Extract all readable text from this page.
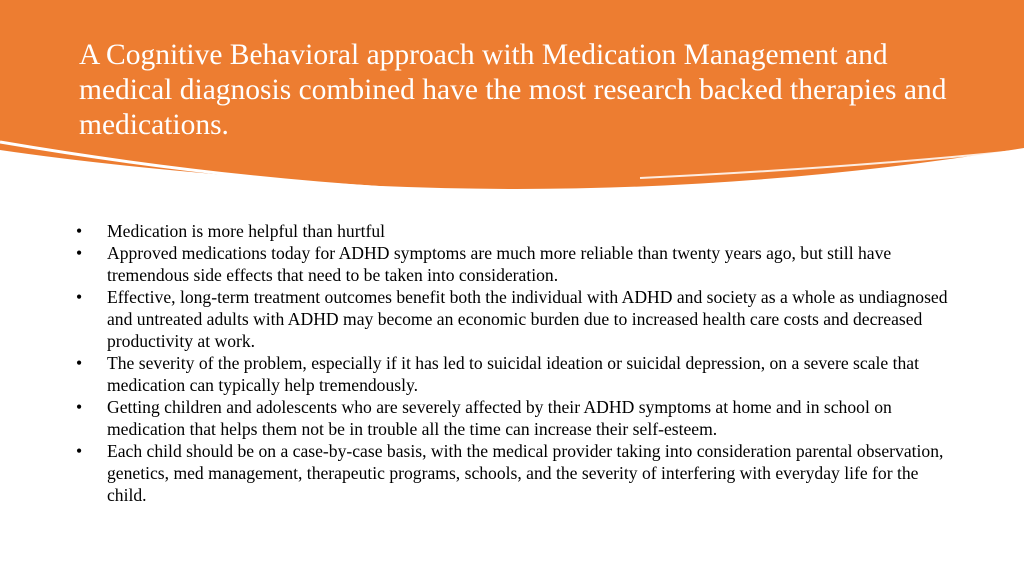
A Cognitive Behavioral approach with Medication Management and medical diagnosis combined have the most research backed therapies and medications.
• Medication is more helpful than hurtful
• Approved medications today for ADHD symptoms are much more reliable than twenty years ago, but still have tremendous side effects that need to be taken into consideration.
• Effective, long-term treatment outcomes benefit both the individual with ADHD and society as a whole as undiagnosed and untreated adults with ADHD may become an economic burden due to increased health care costs and decreased productivity at work.
• The severity of the problem, especially if it has led to suicidal ideation or suicidal depression, on a severe scale that medication can typically help tremendously.
• Getting children and adolescents who are severely affected by their ADHD symptoms at home and in school on medication that helps them not be in trouble all the time can increase their self-esteem.
• Each child should be on a case-by-case basis, with the medical provider taking into consideration parental observation, genetics, med management, therapeutic programs, schools, and the severity of interfering with everyday life for the child.
